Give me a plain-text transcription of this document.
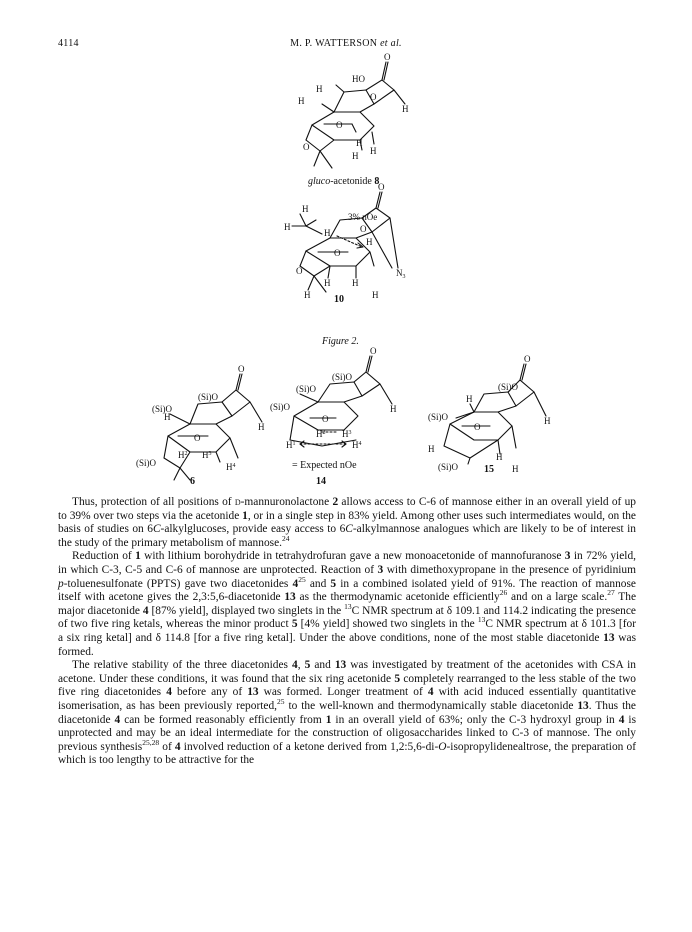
4114	M. P. WATTERSON et al.
HO
O
H
O
H
H
O
O	H
H H
gluco-acetonide 8
H
H
H
O
O
H
$N_3$
O
O
H H
H	H
3% nOe
10
Figure 2.
(Si)O
(Si)O
(Si)O
O
H
H
O
$H^2$ $H^3$
$H^4$
6
(Si)O
(Si)O
(Si)O
O
H
O
$H^2$ $H^3$
$H^1$	$H^4$
= Expected nOe
14
(Si)O
(Si)O
(Si)O
O
H
H
O
H
H
H
15

Thus, protection of all positions of d-mannuronolactone 2 allows access to C-6 of mannose either in an overall yield of up to 39% over two steps via the acetonide 1, or in a single step in 83% yield. Among other uses such intermediates would, on the basis of studies on 6C-alkylglucoses, provide easy access to 6C-alkylmannose analogues which are likely to be of interest in the study of the primary metabolism of mannose.$^{24}$

Reduction of 1 with lithium borohydride in tetrahydrofuran gave a new monoacetonide of mannofuranose 3 in 72% yield, in which C-3, C-5 and C-6 of mannose are unprotected. Reaction of 3 with dimethoxypropane in the presence of pyridinium p-toluenesulfonate (PPTS) gave two diacetonides $4^{25}$ and 5 in a combined isolated yield of 91%. The reaction of mannose itself with acetone gives the 2,3:5,6-diacetonide 13 as the thermodynamic acetonide efficiently$^{26}$ and on a large scale.$^{27}$ The major diacetonide 4 [87% yield], displayed two singlets in the $^{13}$C NMR spectrum at δ 109.1 and 114.2 indicating the presence of two five ring ketals, whereas the minor product 5 [4% yield] showed two singlets in the $^{13}$C NMR spectrum at δ 101.3 [for a six ring ketal] and δ 114.8 [for a five ring ketal]. Under the above conditions, none of the most stable diacetonide 13 was formed.

The relative stability of the three diacetonides 4, 5 and 13 was investigated by treatment of the acetonides with CSA in acetone. Under these conditions, it was found that the six ring acetonide 5 completely rearranged to the less stable of the two five ring diacetonides 4 before any of 13 was formed. Longer treatment of 4 with acid induced essentially quantitative isomerisation, as has been previously reported,$^{25}$ to the well-known and thermodynamically stable diacetonide 13. Thus the diacetonide 4 can be formed reasonably efficiently from 1 in an overall yield of 63%; only the C-3 hydroxyl group in 4 is unprotected and may be an ideal intermediate for the construction of oligosaccharides linked to C-3 of mannose. The only previous synthesis$^{25,28}$ of 4 involved reduction of a ketone derived from 1,2:5,6-di-O-isopropylidenealtrose, the preparation of which is too lengthy to be attractive for the
